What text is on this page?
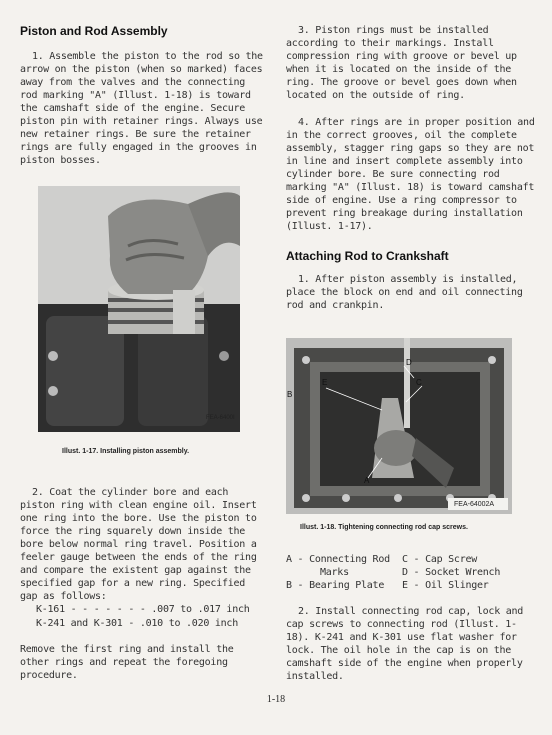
Piston and Rod Assembly

1. Assemble the piston to the rod so the arrow on the piston (when so marked) faces away from the valves and the connecting rod marking "A" (Illust. 1-18) is toward the camshaft side of the engine. Secure piston pin with retainer rings. Always use new retainer rings. Be sure the retainer rings are fully engaged in the grooves in piston bosses.

FEA-6400I
Illust. 1-17. Installing piston assembly.

2. Coat the cylinder bore and each piston ring with clean engine oil. Insert one ring into the bore. Use the piston to force the ring squarely down inside the bore below normal ring travel. Position a feeler gauge between the ends of the ring and compare the existent gap against the specified gap for a new ring. Specified gap as follows:

K-161 - - - - - - - .007 to .017 inch
K-241 and K-301 - .010 to .020 inch

Remove the first ring and install the other rings and repeat the foregoing procedure.

3. Piston rings must be installed according to their markings. Install compression ring with groove or bevel up when it is located on the inside of the ring. The groove or bevel goes down when located on the outside of ring.

4. After rings are in proper position and in the correct grooves, oil the complete assembly, stagger ring gaps so they are not in line and insert complete assembly into cylinder bore. Be sure connecting rod marking "A" (Illust. 18) is toward camshaft side of engine. Use a ring compressor to prevent ring breakage during installation (Illust. 1-17).

Attaching Rod to Crankshaft

1. After piston assembly is installed, place the block on end and oil connecting rod and crankpin.

D
E	C
B
A
FEA-64002A
Illust. 1-18. Tightening connecting rod cap screws.
A - Connecting Rod
Marks
B - Bearing Plate
C - Cap Screw
D - Socket Wrench
E - Oil Slinger

2. Install connecting rod cap, lock and cap screws to connecting rod (Illust. 1-18). K-241 and K-301 use flat washer for lock. The oil hole in the cap is on the camshaft side of the engine when properly installed.

1-18
